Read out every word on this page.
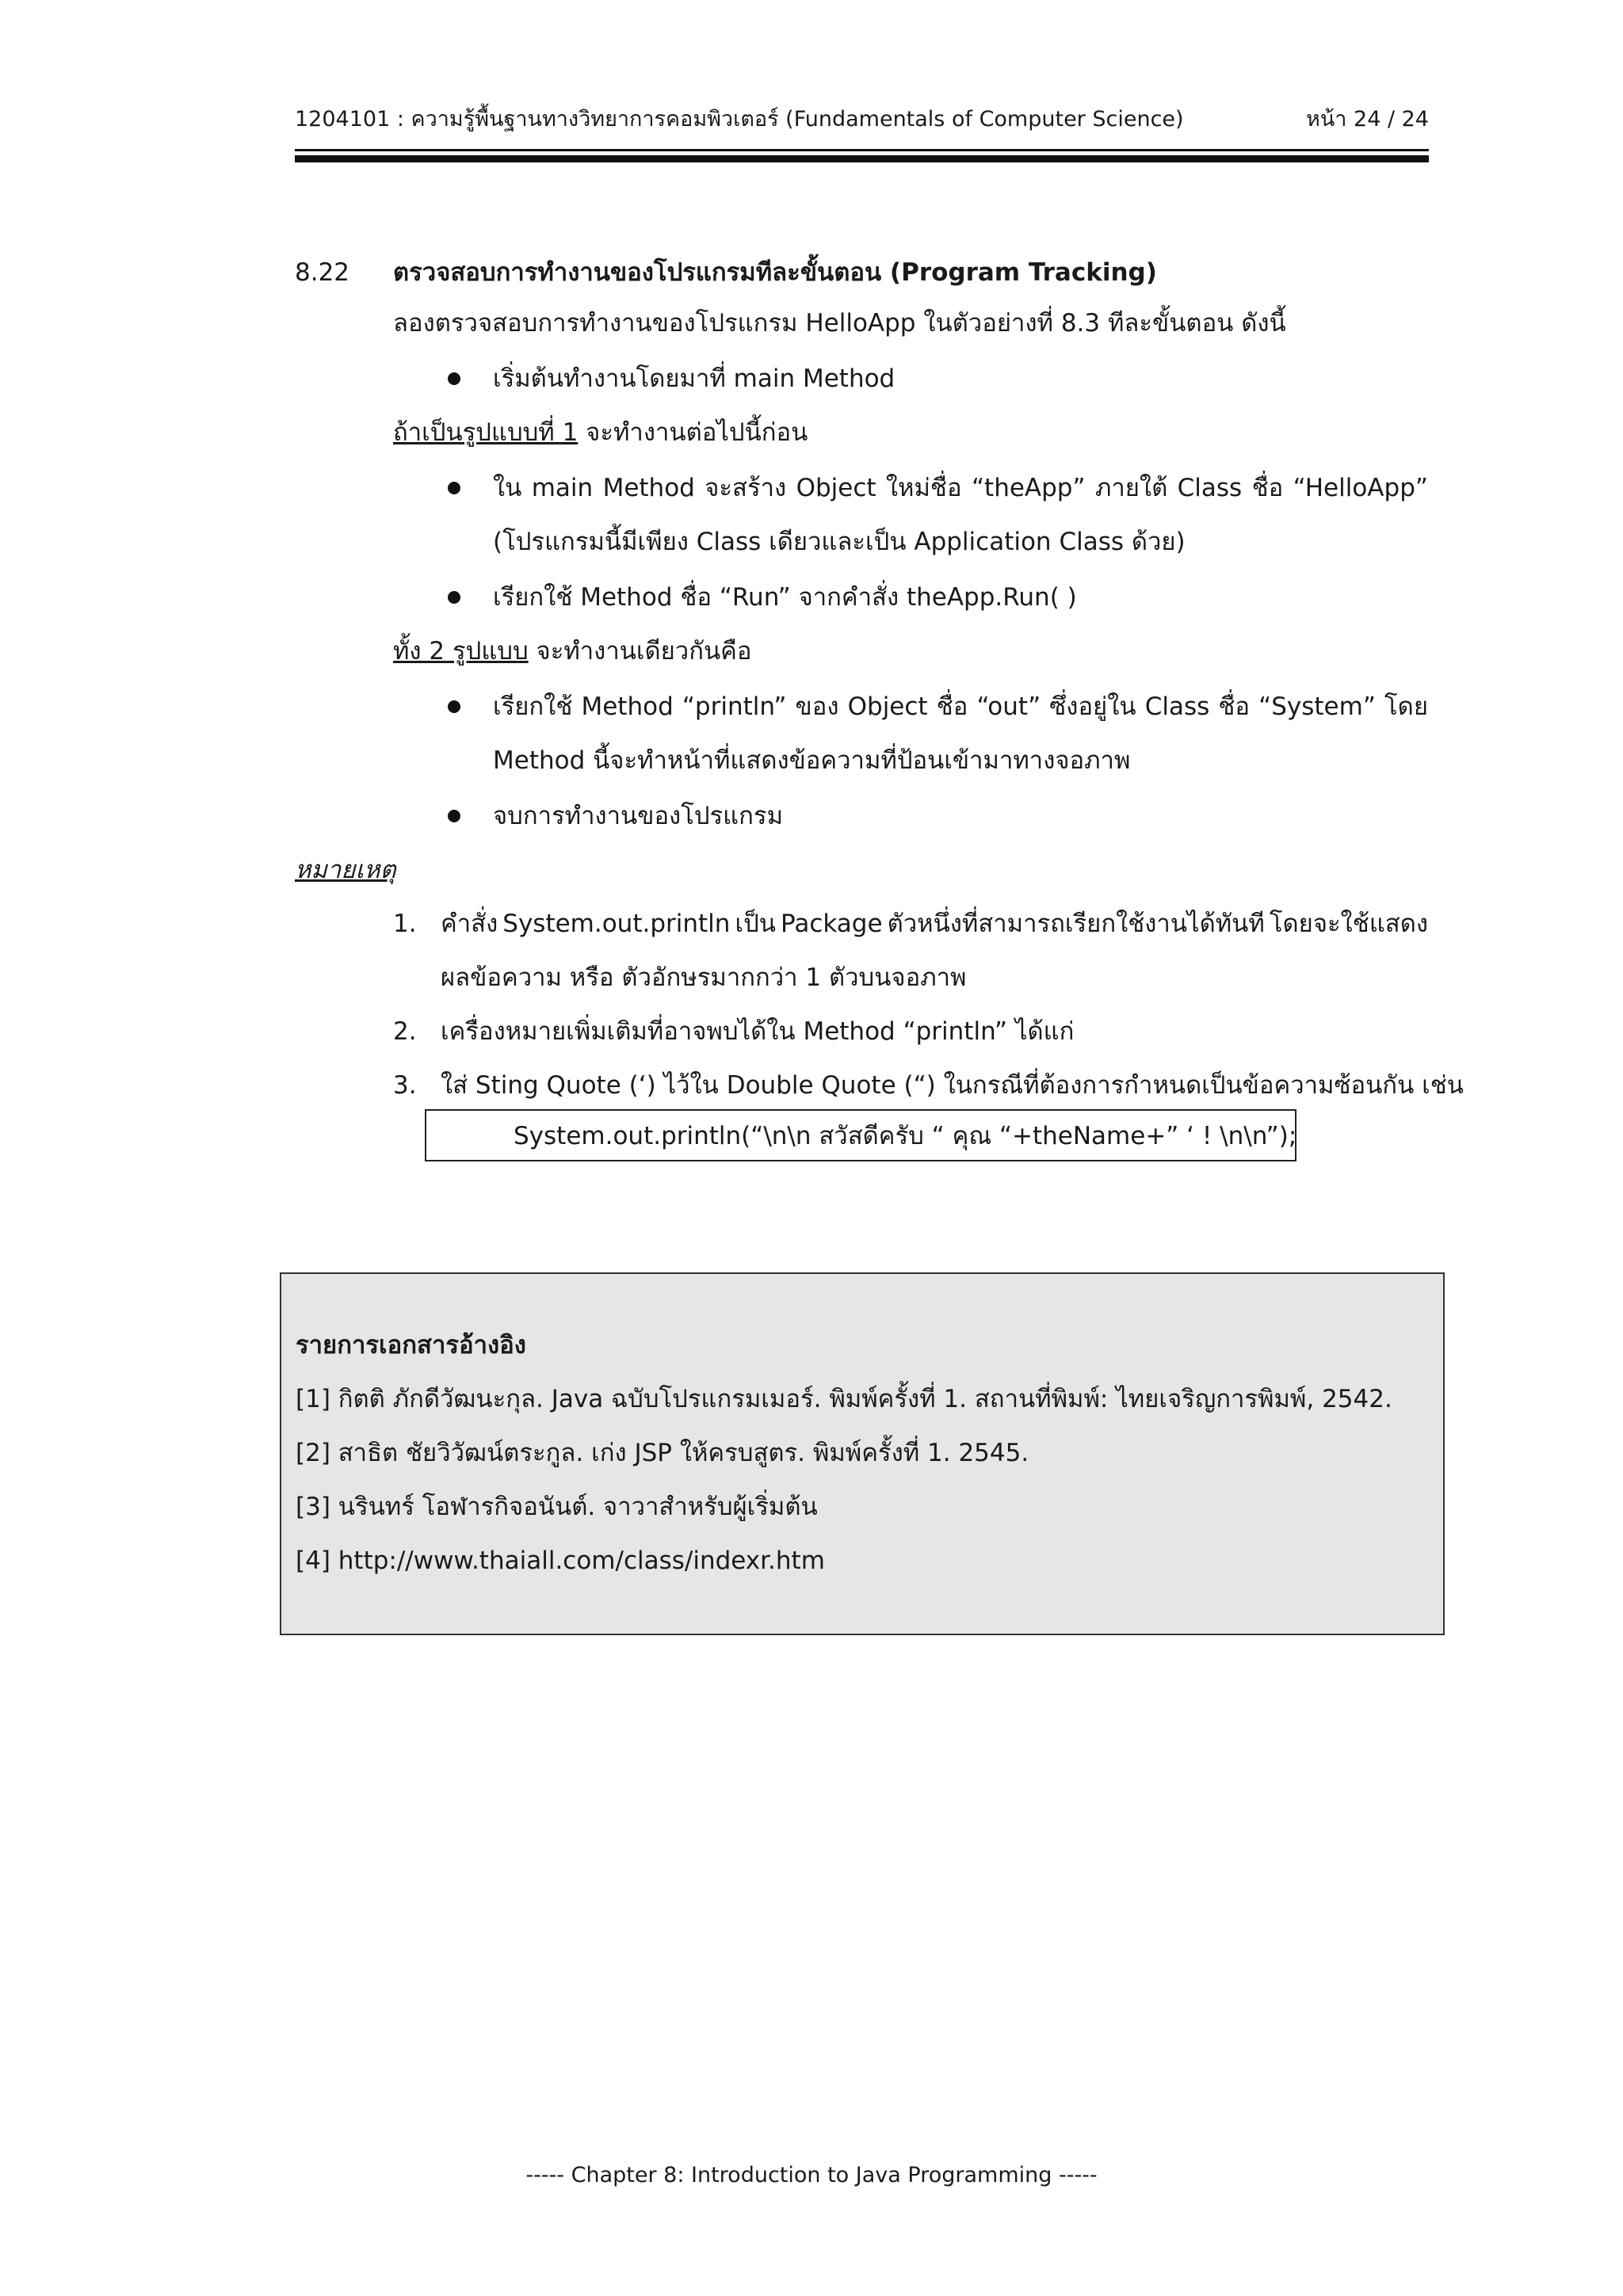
1204101 : ความรู้พื้นฐานทางวิทยาการคอมพิวเตอร์ (Fundamentals of Computer Science)	หน้า 24 / 24
8.22 ตรวจสอบการทำงานของโปรแกรมทีละขั้นตอน (Program Tracking)
ลองตรวจสอบการทำงานของโปรแกรม HelloApp ในตัวอย่างที่ 8.3 ทีละขั้นตอน ดังนี้
เริ่มต้นทำงานโดยมาที่ main Method
ถ้าเป็นรูปแบบที่ 1 จะทำงานต่อไปนี้ก่อน
ใน main Method จะสร้าง Object ใหม่ชื่อ “theApp” ภายใต้ Class ชื่อ “HelloApp”
(โปรแกรมนี้มีเพียง Class เดียวและเป็น Application Class ด้วย)
เรียกใช้ Method ชื่อ “Run” จากคำสั่ง theApp.Run( )
ทั้ง 2 รูปแบบ จะทำงานเดียวกันคือ
เรียกใช้ Method “println” ของ Object ชื่อ “out” ซึ่งอยู่ใน Class ชื่อ “System” โดย
Method นี้จะทำหน้าที่แสดงข้อความที่ป้อนเข้ามาทางจอภาพ
จบการทำงานของโปรแกรม
หมายเหตุ
1. คำสั่ง System.out.println เป็น Package ตัวหนึ่งที่สามารถเรียกใช้งานได้ทันที โดยจะใช้แสดง
ผลข้อความ หรือ ตัวอักษรมากกว่า 1 ตัวบนจอภาพ
2. เครื่องหมายเพิ่มเติมที่อาจพบได้ใน Method “println” ได้แก่
3. ใส่ Sting Quote (‘) ไว้ใน Double Quote (“) ในกรณีที่ต้องการกำหนดเป็นข้อความซ้อนกัน เช่น
System.out.println(“\n\n สวัสดีครับ “ คุณ “+theName+” ‘ ! \n\n”);
รายการเอกสารอ้างอิง
[1] กิตติ ภักดีวัฒนะกุล. Java ฉบับโปรแกรมเมอร์. พิมพ์ครั้งที่ 1. สถานที่พิมพ์: ไทยเจริญการพิมพ์, 2542.
[2] สาธิต ชัยวิวัฒน์ตระกูล. เก่ง JSP ให้ครบสูตร. พิมพ์ครั้งที่ 1. 2545.
[3] นรินทร์ โอฬารกิจอนันต์. จาวาสำหรับผู้เริ่มต้น
[4] http://www.thaiall.com/class/indexr.htm
----- Chapter 8: Introduction to Java Programming -----
